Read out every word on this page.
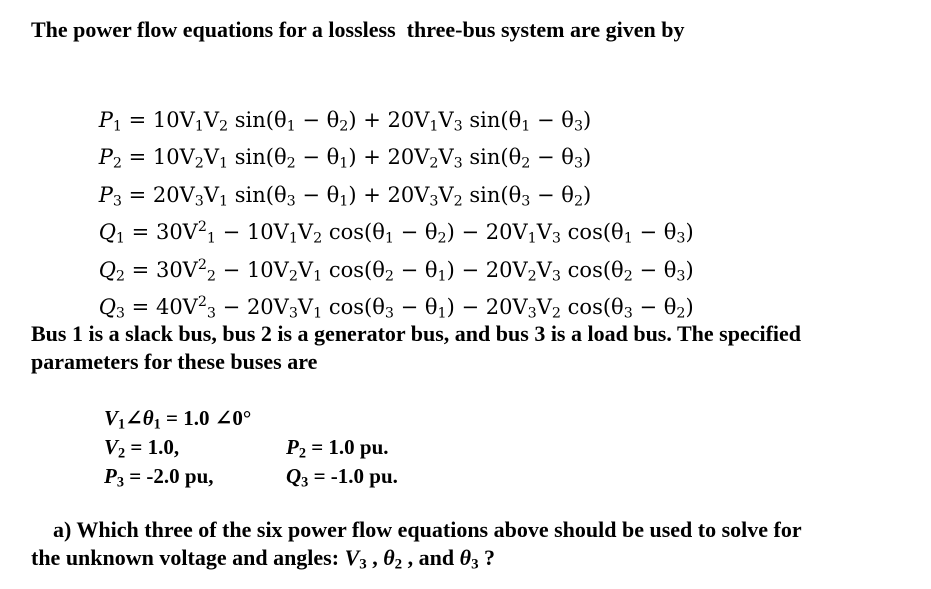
The power flow equations for a lossless  three-bus system are given by

$P_1 = 10V_1V_2$ $\sin(\theta_1 - \theta_2) + 20V_1V_3$ $\sin(\theta_1 - \theta_3)$

$P_2 = 10V_2V_1$ $\sin(\theta_2 - \theta_1) + 20V_2V_3$ $\sin(\theta_2 - \theta_3)$

$P_3 = 20V_3V_1$ $\sin(\theta_3 - \theta_1) + 20V_3V_2$ $\sin(\theta_3 - \theta_2)$

$Q_1 = 30V^2_1 - 10V_1V_2$ $\cos(\theta_1 - \theta_2) - 20V_1V_3$ $\cos(\theta_1 - \theta_3)$

$Q_2 = 30V^2_2 - 10V_2V_1$ $\cos(\theta_2 - \theta_1) - 20V_2V_3$ $\cos(\theta_2 - \theta_3)$

$Q_3 = 40V^2_3 - 20V_3V_1$ $\cos(\theta_3 - \theta_1) - 20V_3V_2$ $\cos(\theta_3 - \theta_2)$

Bus 1 is a slack bus, bus 2 is a generator bus, and bus 3 is a load bus. The specified parameters for these buses are

$V_1\angle\theta_1 = 1.0$ ∠0°

$V_2 = 1.0$,

	$P_2 = 1.0$ pu.

$P_3 = -2.0$ pu,

	$Q_3 = -1.0$ pu.

a) Which three of the six power flow equations above should be used to solve for
the unknown voltage and angles: $V_3$ , $\theta_2$ , and $\theta_3$ ?
